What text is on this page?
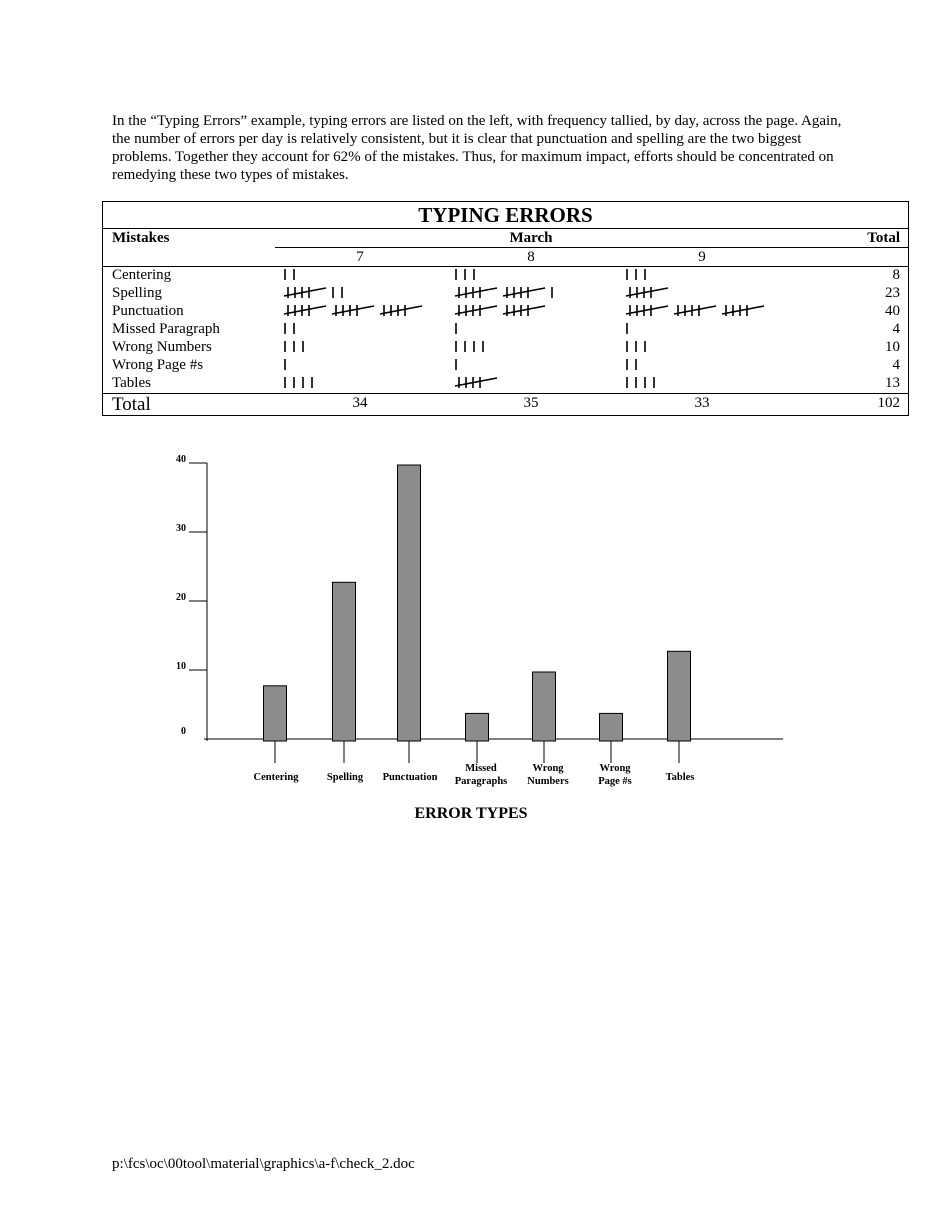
In the “Typing Errors” example, typing errors are listed on the left, with frequency tallied, by day, across the page. Again, the number of errors per day is relatively consistent, but it is clear that punctuation and spelling are the two biggest problems. Together they account for 62% of the mistakes. Thus, for maximum impact, efforts should be concentrated on remedying these two types of mistakes.

TYPING ERRORS
Mistakes	March	Total
7	8	9
Centering	8
Spelling	23
Punctuation	40
Missed Paragraph	4
Wrong Numbers	10
Wrong Page #s	4
Tables	13
Total	34	35	33	102
0
10
20
30
40
Centering	Spelling Punctuation
Missed
Paragraphs
Wrong
Numbers
Wrong
Page #s	Tables
ERROR TYPES

p:\fcs\oc\00tool\material\graphics\a-f\check_2.doc
